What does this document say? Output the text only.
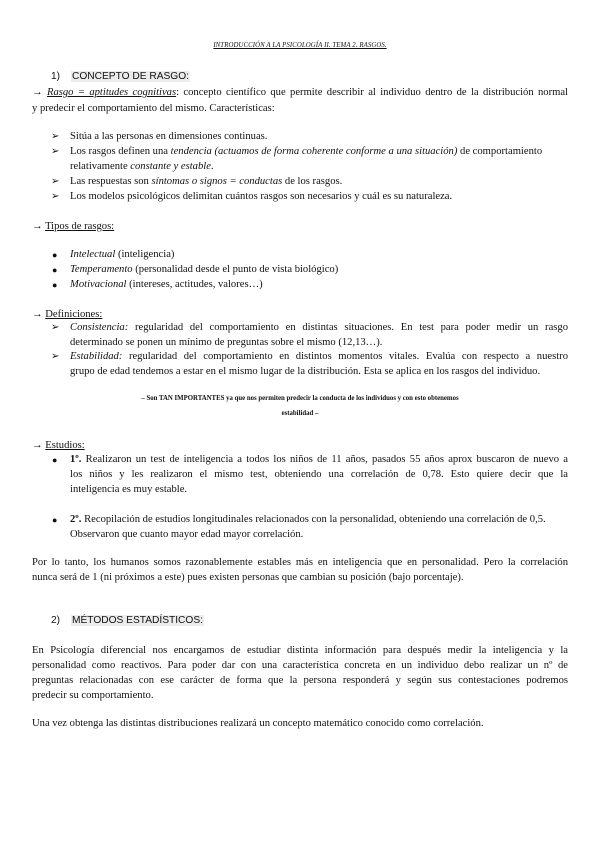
INTRODUCCIÓN A LA PSICOLOGÍA II. TEMA 2. RASGOS.
1) CONCEPTO DE RASGO:
→ Rasgo = aptitudes cognitivas: concepto científico que permite describir al individuo dentro de la distribución normal
y predecir el comportamiento del mismo. Características:
➢ Sitúa a las personas en dimensiones continuas.
➢ Los rasgos definen una tendencia (actuamos de forma coherente conforme a una situación) de comportamiento
relativamente constante y estable.
➢ Las respuestas son síntomas o signos = conductas de los rasgos.
➢ Los modelos psicológicos delimitan cuántos rasgos son necesarios y cuál es su naturaleza.
→ Tipos de rasgos:
● Intelectual (inteligencia)
● Temperamento (personalidad desde el punto de vista biológico)
● Motivacional (intereses, actitudes, valores…)
→ Definiciones:
➢ Consistencia: regularidad del comportamiento en distintas situaciones. En test para poder medir un rasgo
determinado se ponen un mínimo de preguntas sobre el mismo (12,13…).
➢ Estabilidad: regularidad del comportamiento en distintos momentos vitales. Evalúa con respecto a nuestro
grupo de edad tendemos a estar en el mismo lugar de la distribución. Esta se aplica en los rasgos del individuo.
– Son TAN IMPORTANTES ya que nos permiten predecir la conducta de los individuos y con esto obtenemos
estabilidad –
→ Estudios:
● 1º. Realizaron un test de inteligencia a todos los niños de 11 años, pasados 55 años aprox buscaron de nuevo a
los niños y les realizaron el mismo test, obteniendo una correlación de 0,78. Esto quiere decir que la
inteligencia es muy estable.
● 2º. Recopilación de estudios longitudinales relacionados con la personalidad, obteniendo una correlación de 0,5.
Observaron que cuanto mayor edad mayor correlación.
Por lo tanto, los humanos somos razonablemente estables más en inteligencia que en personalidad. Pero la correlación
nunca será de 1 (ni próximos a este) pues existen personas que cambian su posición (bajo porcentaje).
2) MÉTODOS ESTADÍSTICOS:
En Psicología diferencial nos encargamos de estudiar distinta información para después medir la inteligencia y la
personalidad como reactivos. Para poder dar con una característica concreta en un individuo debo realizar un nº de
preguntas relacionadas con ese carácter de forma que la persona responderá y según sus contestaciones podremos
predecir su comportamiento.
Una vez obtenga las distintas distribuciones realizará un concepto matemático conocido como correlación.
